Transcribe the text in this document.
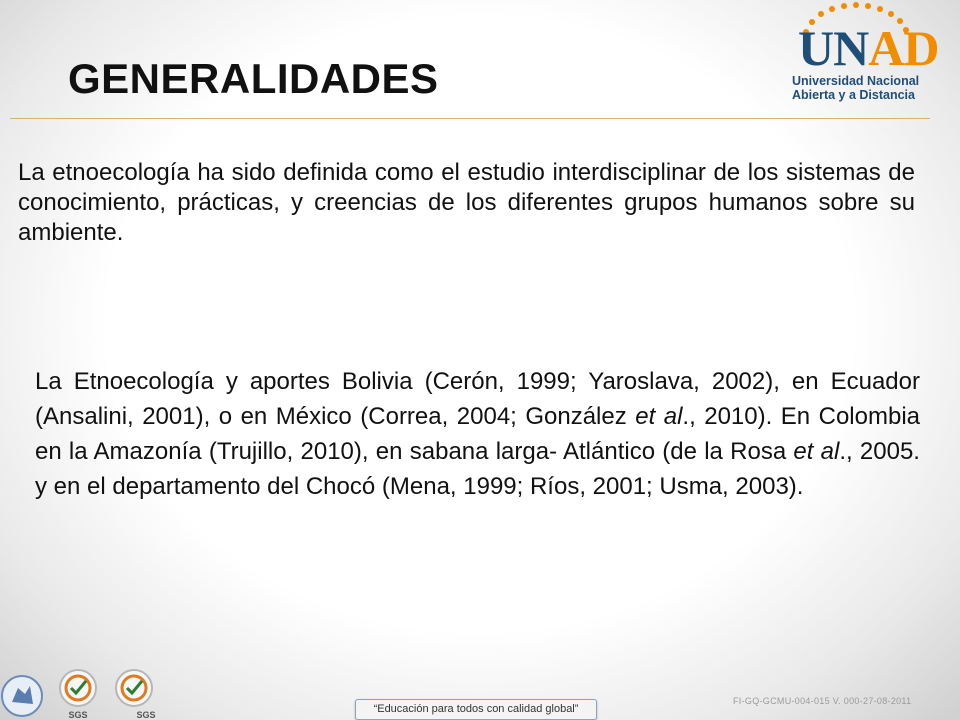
GENERALIDADES
UNAD
Universidad Nacional
Abierta y a Distancia

La etnoecología ha sido definida como el estudio interdisciplinar de los sistemas de conocimiento, prácticas, y creencias de los diferentes grupos humanos sobre su ambiente.

La Etnoecología y aportes Bolivia (Cerón, 1999; Yaroslava, 2002), en Ecuador (Ansalini, 2001), o en México (Correa, 2004; González et al., 2010). En Colombia en la Amazonía (Trujillo, 2010), en sabana larga- Atlántico (de la Rosa et al., 2005. y en el departamento del Chocó (Mena, 1999; Ríos, 2001; Usma, 2003).

SGS	SGS
FI-GQ-GCMU-004-015 V. 000-27-08-2011
“Educación para todos con calidad global”
